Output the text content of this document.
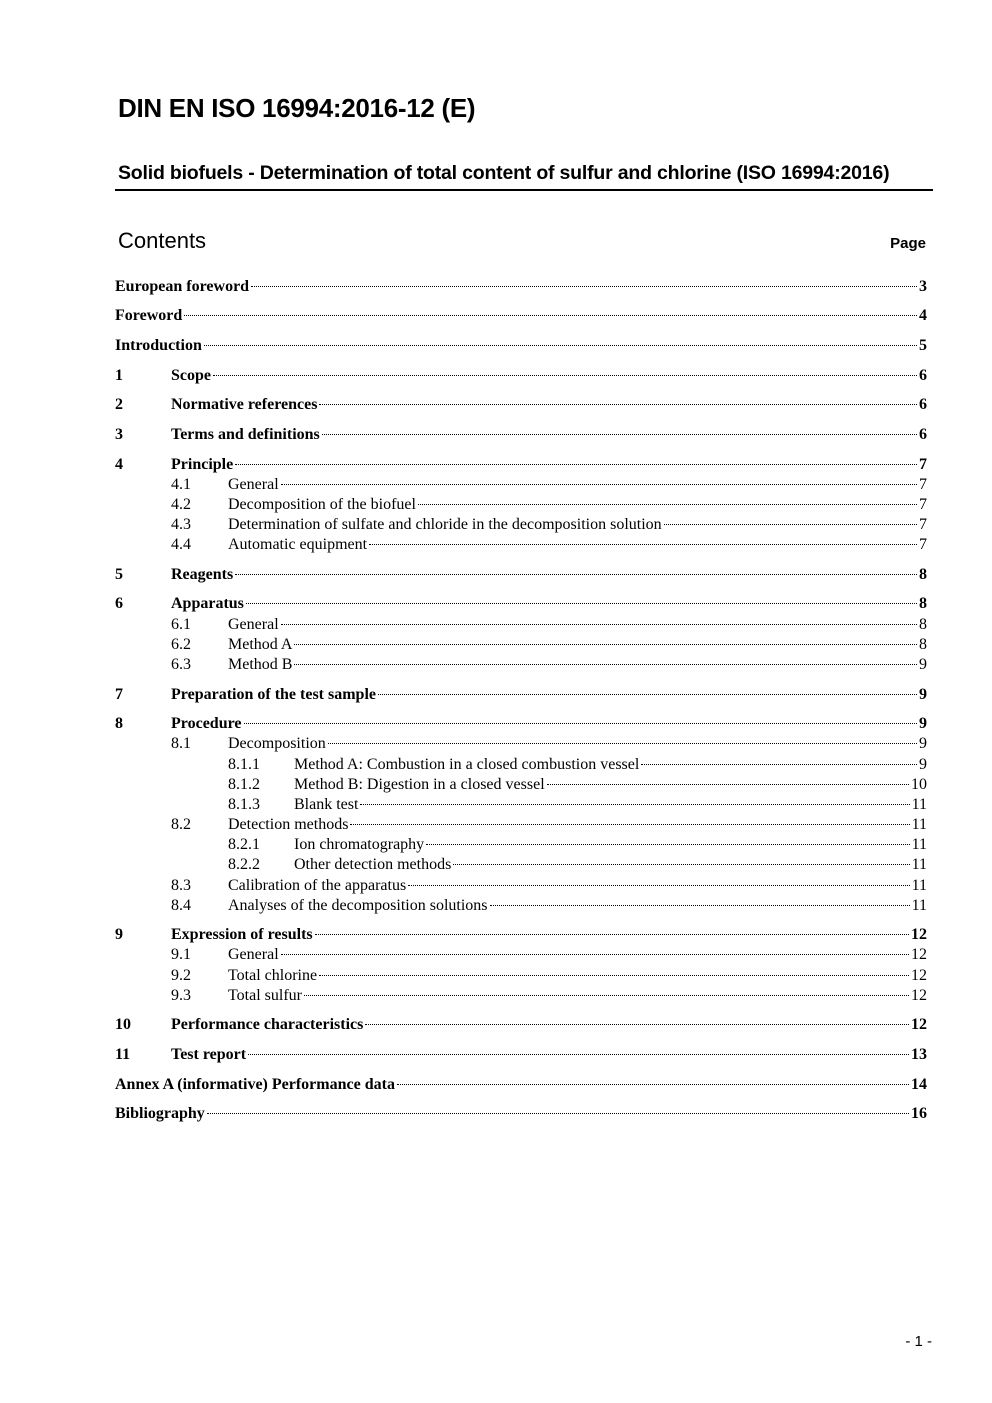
DIN EN ISO 16994:2016-12 (E)
Solid biofuels - Determination of total content of sulfur and chlorine (ISO 16994:2016)
Contents	Page
European foreword	3
Foreword	4
Introduction	5
1	Scope	6
2	Normative references	6
3	Terms and definitions	6
4	Principle	7
4.1	General	7
4.2	Decomposition of the biofuel	7
4.3	Determination of sulfate and chloride in the decomposition solution	7
4.4	Automatic equipment	7
5	Reagents	8
6	Apparatus	8
6.1	General	8
6.2	Method A	8
6.3	Method B	9
7	Preparation of the test sample	9
8	Procedure	9
8.1	Decomposition	9
8.1.1	Method A: Combustion in a closed combustion vessel	9
8.1.2	Method B: Digestion in a closed vessel	10
8.1.3	Blank test	11
8.2	Detection methods	11
8.2.1	Ion chromatography	11
8.2.2	Other detection methods	11
8.3	Calibration of the apparatus	11
8.4	Analyses of the decomposition solutions	11
9	Expression of results	12
9.1	General	12
9.2	Total chlorine	12
9.3	Total sulfur	12
10	Performance characteristics	12
11	Test report	13
Annex A (informative) Performance data	14
Bibliography	16
- 1 -
